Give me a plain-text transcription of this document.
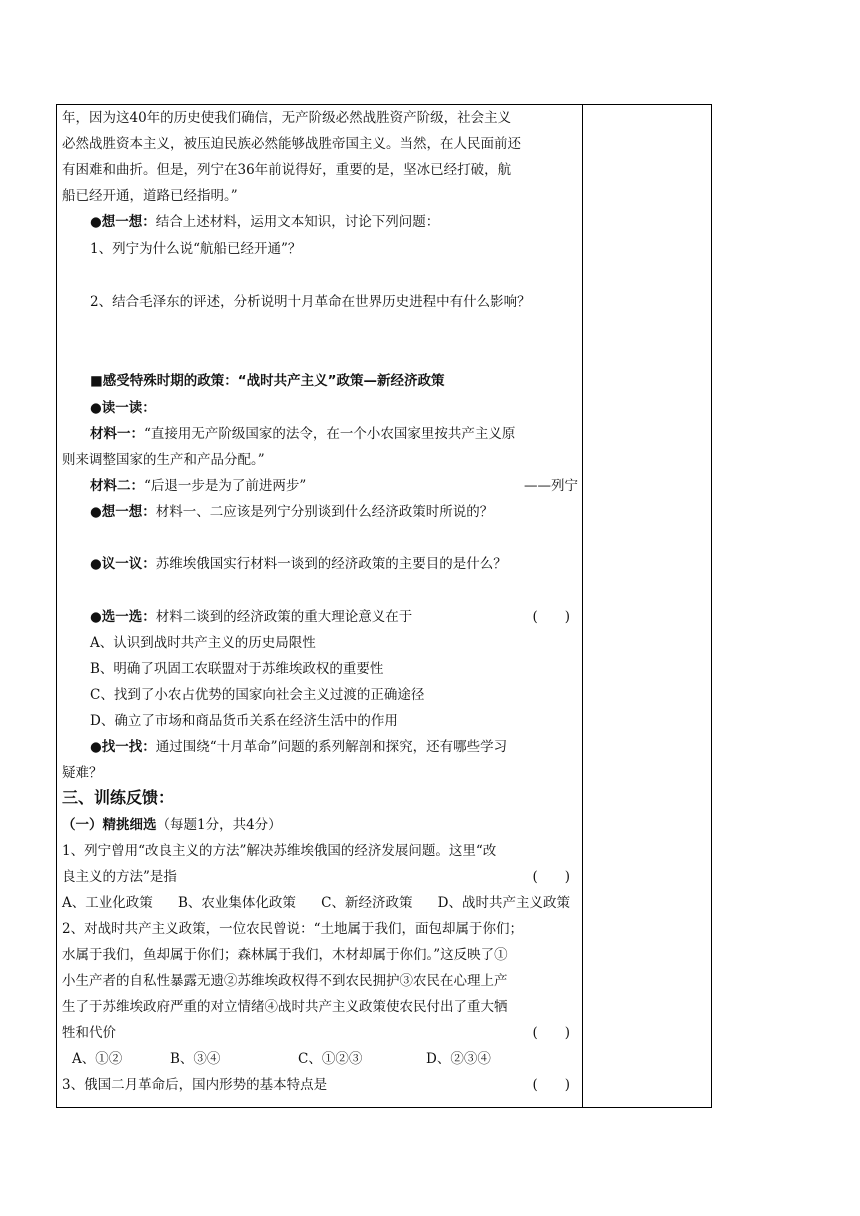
年，因为这40年的历史使我们确信，无产阶级必然战胜资产阶级，社会主义
必然战胜资本主义，被压迫民族必然能够战胜帝国主义。当然，在人民面前还
有困难和曲折。但是，列宁在36年前说得好，重要的是，坚冰已经打破，航
船已经开通，道路已经指明。”
●想一想：结合上述材料，运用文本知识，讨论下列问题：
1、列宁为什么说“航船已经开通”？
2、结合毛泽东的评述，分析说明十月革命在世界历史进程中有什么影响？
■感受特殊时期的政策：“战时共产主义”政策—新经济政策
●读一读：
材料一：“直接用无产阶级国家的法令，在一个小农国家里按共产主义原
则来调整国家的生产和产品分配。”
材料二：“后退一步是为了前进两步”	——列宁
●想一想：材料一、二应该是列宁分别谈到什么经济政策时所说的？
●议一议：苏维埃俄国实行材料一谈到的经济政策的主要目的是什么？
●选一选：材料二谈到的经济政策的重大理论意义在于	(　　)
A、认识到战时共产主义的历史局限性
B、明确了巩固工农联盟对于苏维埃政权的重要性
C、找到了小农占优势的国家向社会主义过渡的正确途径
D、确立了市场和商品货币关系在经济生活中的作用
●找一找：通过围绕“十月革命”问题的系列解剖和探究，还有哪些学习
疑难？
三、训练反馈：
（一）精挑细选（每题1分，共4分）
1、列宁曾用“改良主义的方法”解决苏维埃俄国的经济发展问题。这里“改
良主义的方法”是指	(　　)
A、工业化政策 B、农业集体化政策 C、新经济政策 D、战时共产主义政策
2、对战时共产主义政策，一位农民曾说：“土地属于我们，面包却属于你们；
水属于我们，鱼却属于你们；森林属于我们，木材却属于你们。”这反映了①
小生产者的自私性暴露无遗②苏维埃政权得不到农民拥护③农民在心理上产
生了于苏维埃政府严重的对立情绪④战时共产主义政策使农民付出了重大牺
牲和代价	(　　)
A、①②	B、③④	C、①②③	D、②③④
3、俄国二月革命后，国内形势的基本特点是	(　　)
